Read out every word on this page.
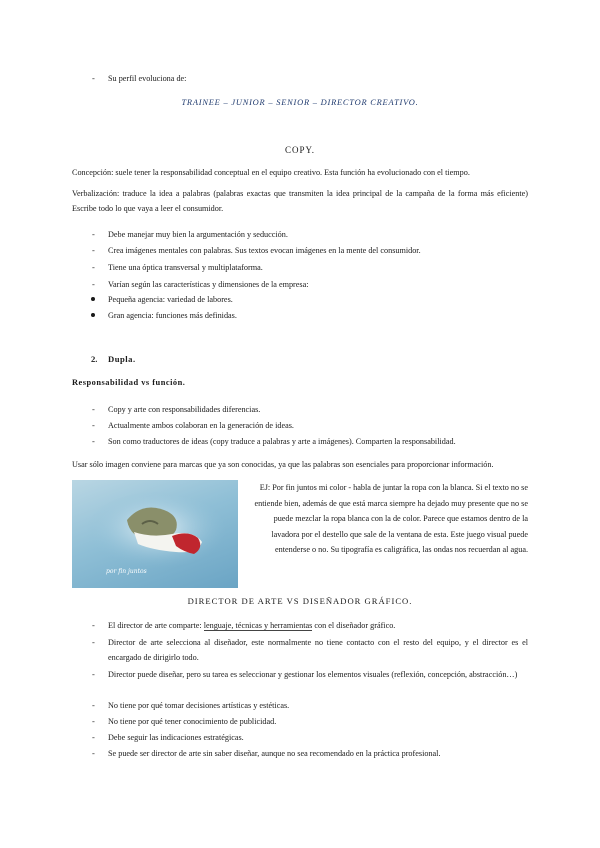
- Su perfil evoluciona de:
TRAINEE – JUNIOR – SENIOR – DIRECTOR CREATIVO.
COPY.
Concepción: suele tener la responsabilidad conceptual en el equipo creativo. Esta función ha evolucionado con el tiempo.
Verbalización: traduce la idea a palabras (palabras exactas que transmiten la idea principal de la campaña de la forma más eficiente) Escribe todo lo que vaya a leer el consumidor.
- Debe manejar muy bien la argumentación y seducción.
- Crea imágenes mentales con palabras. Sus textos evocan imágenes en la mente del consumidor.
- Tiene una óptica transversal y multiplataforma.
- Varían según las características y dimensiones de la empresa:
Pequeña agencia: variedad de labores.
Gran agencia: funciones más definidas.
2. Dupla.
Responsabilidad vs función.
- Copy y arte con responsabilidades diferencias.
- Actualmente ambos colaboran en la generación de ideas.
- Son como traductores de ideas (copy traduce a palabras y arte a imágenes). Comparten la responsabilidad.
Usar sólo imagen conviene para marcas que ya son conocidas, ya que las palabras son esenciales para proporcionar información.
por fin juntos
EJ: Por fin juntos mi color - habla de juntar la ropa con la blanca. Si el texto no se entiende bien, además de que está marca siempre ha dejado muy presente que no se puede mezclar la ropa blanca con la de color. Parece que estamos dentro de la lavadora por el destello que sale de la ventana de esta. Este juego visual puede entenderse o no. Su tipografía es caligráfica, las ondas nos recuerdan al agua.
DIRECTOR DE ARTE VS DISEÑADOR GRÁFICO.
- El director de arte comparte: lenguaje, técnicas y herramientas con el diseñador gráfico.
- Director de arte selecciona al diseñador, este normalmente no tiene contacto con el resto del equipo, y el director es el encargado de dirigirlo todo.
- Director puede diseñar, pero su tarea es seleccionar y gestionar los elementos visuales (reflexión, concepción, abstracción…)
- No tiene por qué tomar decisiones artísticas y estéticas.
- No tiene por qué tener conocimiento de publicidad.
- Debe seguir las indicaciones estratégicas.
- Se puede ser director de arte sin saber diseñar, aunque no sea recomendado en la práctica profesional.
